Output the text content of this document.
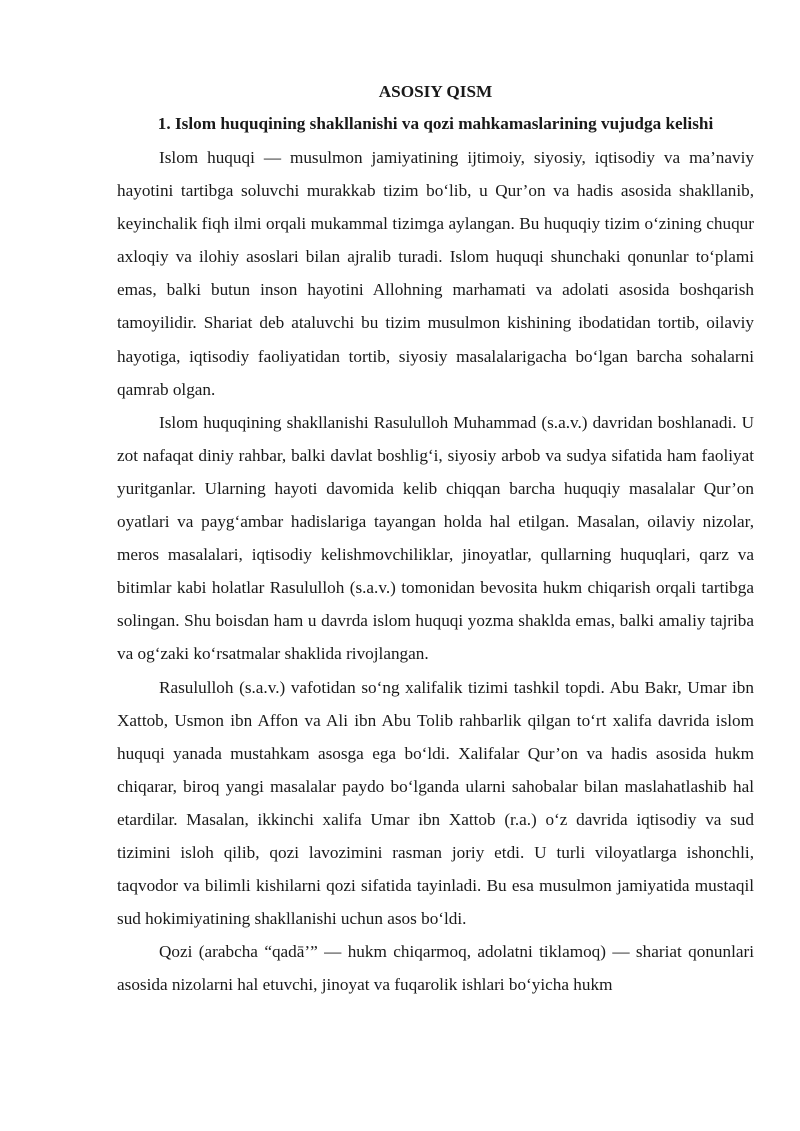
ASOSIY QISM
1. Islom huquqining shakllanishi va qozi mahkamaslarining vujudga kelishi

Islom huquqi — musulmon jamiyatining ijtimoiy, siyosiy, iqtisodiy va ma’naviy hayotini tartibga soluvchi murakkab tizim bo‘lib, u Qur’on va hadis asosida shakllanib, keyinchalik fiqh ilmi orqali mukammal tizimga aylangan. Bu huquqiy tizim o‘zining chuqur axloqiy va ilohiy asoslari bilan ajralib turadi. Islom huquqi shunchaki qonunlar to‘plami emas, balki butun inson hayotini Allohning marhamati va adolati asosida boshqarish tamoyilidir. Shariat deb ataluvchi bu tizim musulmon kishining ibodatidan tortib, oilaviy hayotiga, iqtisodiy faoliyatidan tortib, siyosiy masalalarigacha bo‘lgan barcha sohalarni qamrab olgan.

Islom huquqining shakllanishi Rasululloh Muhammad (s.a.v.) davridan boshlanadi. U zot nafaqat diniy rahbar, balki davlat boshlig‘i, siyosiy arbob va sudya sifatida ham faoliyat yuritganlar. Ularning hayoti davomida kelib chiqqan barcha huquqiy masalalar Qur’on oyatlari va payg‘ambar hadislariga tayangan holda hal etilgan. Masalan, oilaviy nizolar, meros masalalari, iqtisodiy kelishmovchiliklar, jinoyatlar, qullarning huquqlari, qarz va bitimlar kabi holatlar Rasululloh (s.a.v.) tomonidan bevosita hukm chiqarish orqali tartibga solingan. Shu boisdan ham u davrda islom huquqi yozma shaklda emas, balki amaliy tajriba va og‘zaki ko‘rsatmalar shaklida rivojlangan.

Rasululloh (s.a.v.) vafotidan so‘ng xalifalik tizimi tashkil topdi. Abu Bakr, Umar ibn Xattob, Usmon ibn Affon va Ali ibn Abu Tolib rahbarlik qilgan to‘rt xalifa davrida islom huquqi yanada mustahkam asosga ega bo‘ldi. Xalifalar Qur’on va hadis asosida hukm chiqarar, biroq yangi masalalar paydo bo‘lganda ularni sahobalar bilan maslahatlashib hal etardilar. Masalan, ikkinchi xalifa Umar ibn Xattob (r.a.) o‘z davrida iqtisodiy va sud tizimini isloh qilib, qozi lavozimini rasman joriy etdi. U turli viloyatlarga ishonchli, taqvodor va bilimli kishilarni qozi sifatida tayinladi. Bu esa musulmon jamiyatida mustaqil sud hokimiyatining shakllanishi uchun asos bo‘ldi.

Qozi (arabcha “qadā’” — hukm chiqarmoq, adolatni tiklamoq) — shariat qonunlari asosida nizolarni hal etuvchi, jinoyat va fuqarolik ishlari bo‘yicha hukm
